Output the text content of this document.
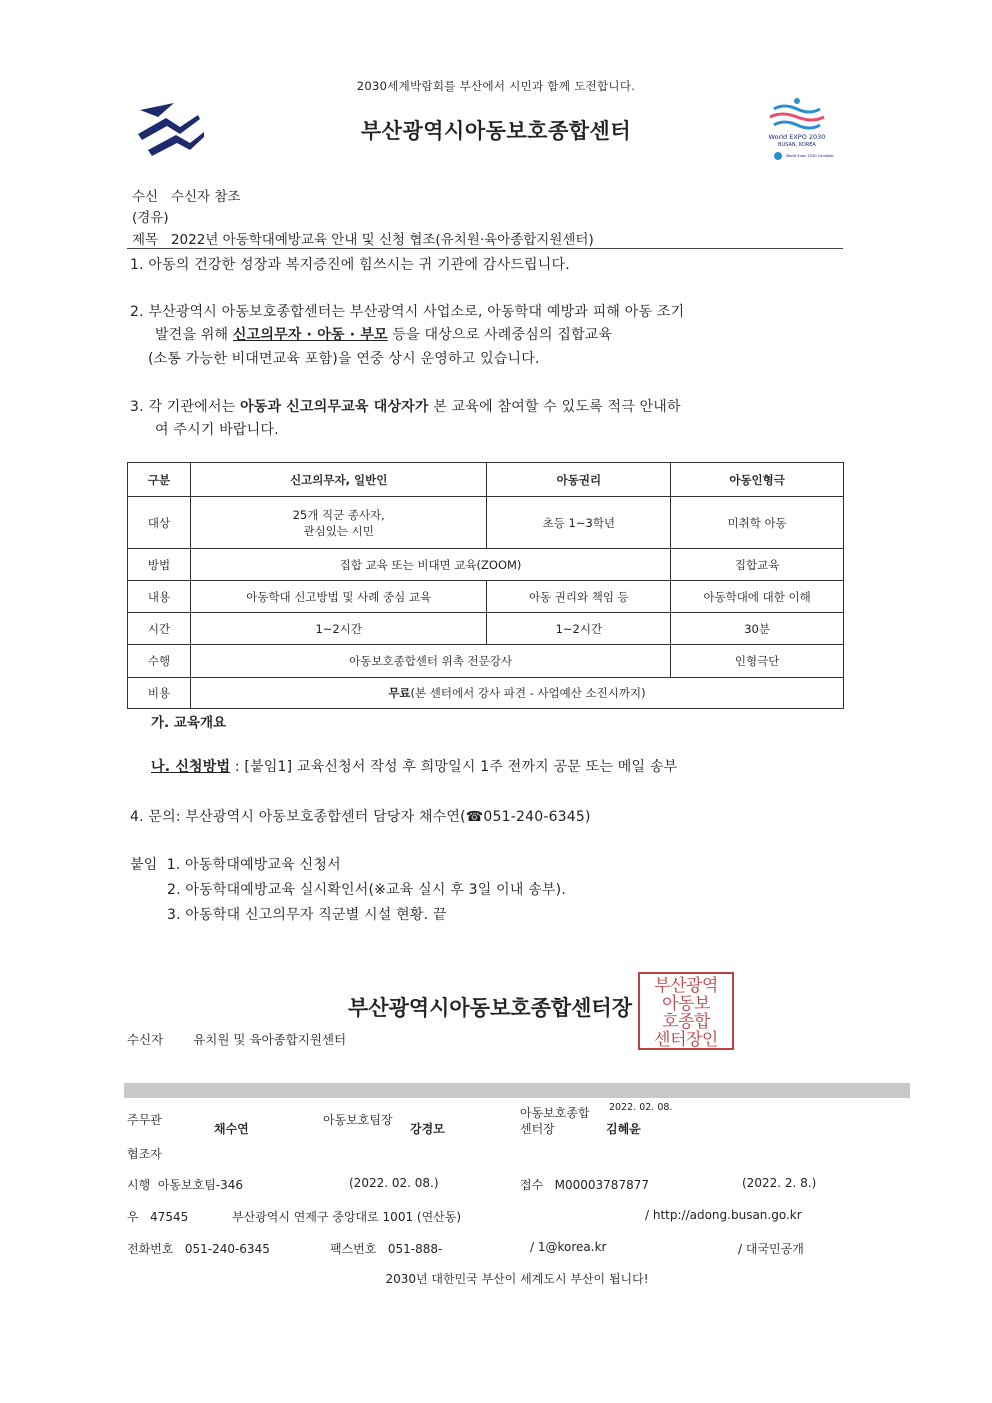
2030세계박람회를 부산에서 시민과 함께 도전합니다.
부산광역시아동보호종합센터	World EXPO 2030
BUSAN, KOREA
World Expo 2030 Candidate
수신 수신자 참조
(경유)
제목 2022년 아동학대예방교육 안내 및 신청 협조(유치원·육아종합지원센터)
1. 아동의 건강한 성장과 복지증진에 힘쓰시는 귀 기관에 감사드립니다.
2. 부산광역시 아동보호종합센터는 부산광역시 사업소로, 아동학대 예방과 피해 아동 조기
발견을 위해 신고의무자 · 아동 · 부모 등을 대상으로 사례중심의 집합교육
(소통 가능한 비대면교육 포함)을 연중 상시 운영하고 있습니다.
3. 각 기관에서는 아동과 신고의무교육 대상자가 본 교육에 참여할 수 있도록 적극 안내하
여 주시기 바랍니다.
구분	신고의무자, 일반인	아동권리	아동인형극
대상	25개 직군 종사자,
관심있는 시민	초등 1~3학년	미취학 아동
방법	집합 교육 또는 비대면 교육(ZOOM)		집합교육
내용	아동학대 신고방법 및 사례 중심 교육	아동 권리와 책임 등	아동학대에 대한 이해
시간	1~2시간	1~2시간	30분
수행	아동보호종합센터 위촉 전문강사		인형극단
비용	무료(본 센터에서 강사 파견 - 사업예산 소진시까지)		
가. 교육개요
나. 신청방법 : [붙임1] 교육신청서 작성 후 희망일시 1주 전까지 공문 또는 메일 송부
4. 문의: 부산광역시 아동보호종합센터 담당자 채수연(☎051-240-6345)
붙임 1. 아동학대예방교육 신청서
2. 아동학대예방교육 실시확인서(※교육 실시 후 3일 이내 송부).
3. 아동학대 신고의무자 직군별 시설 현황. 끝
부산광역시아동보호종합센터장
부산광역
아동보
호종합
센터장인
수신자 유치원 및 육아종합지원센터
주무관
채수연
아동보호팀장
강경모
아동보호종합
센터장
2022. 02. 08.
김혜윤
협조자
시행 아동보호팀-346	(2022. 02. 08.)	접수 M00003787877	(2022. 2. 8.)
우 47545	부산광역시 연제구 중앙대로 1001 (연산동)	/ http://adong.busan.go.kr
전화번호 051-240-6345	팩스번호 051-888-	/ 1@korea.kr	/ 대국민공개
2030년 대한민국 부산이 세계도시 부산이 됩니다!
